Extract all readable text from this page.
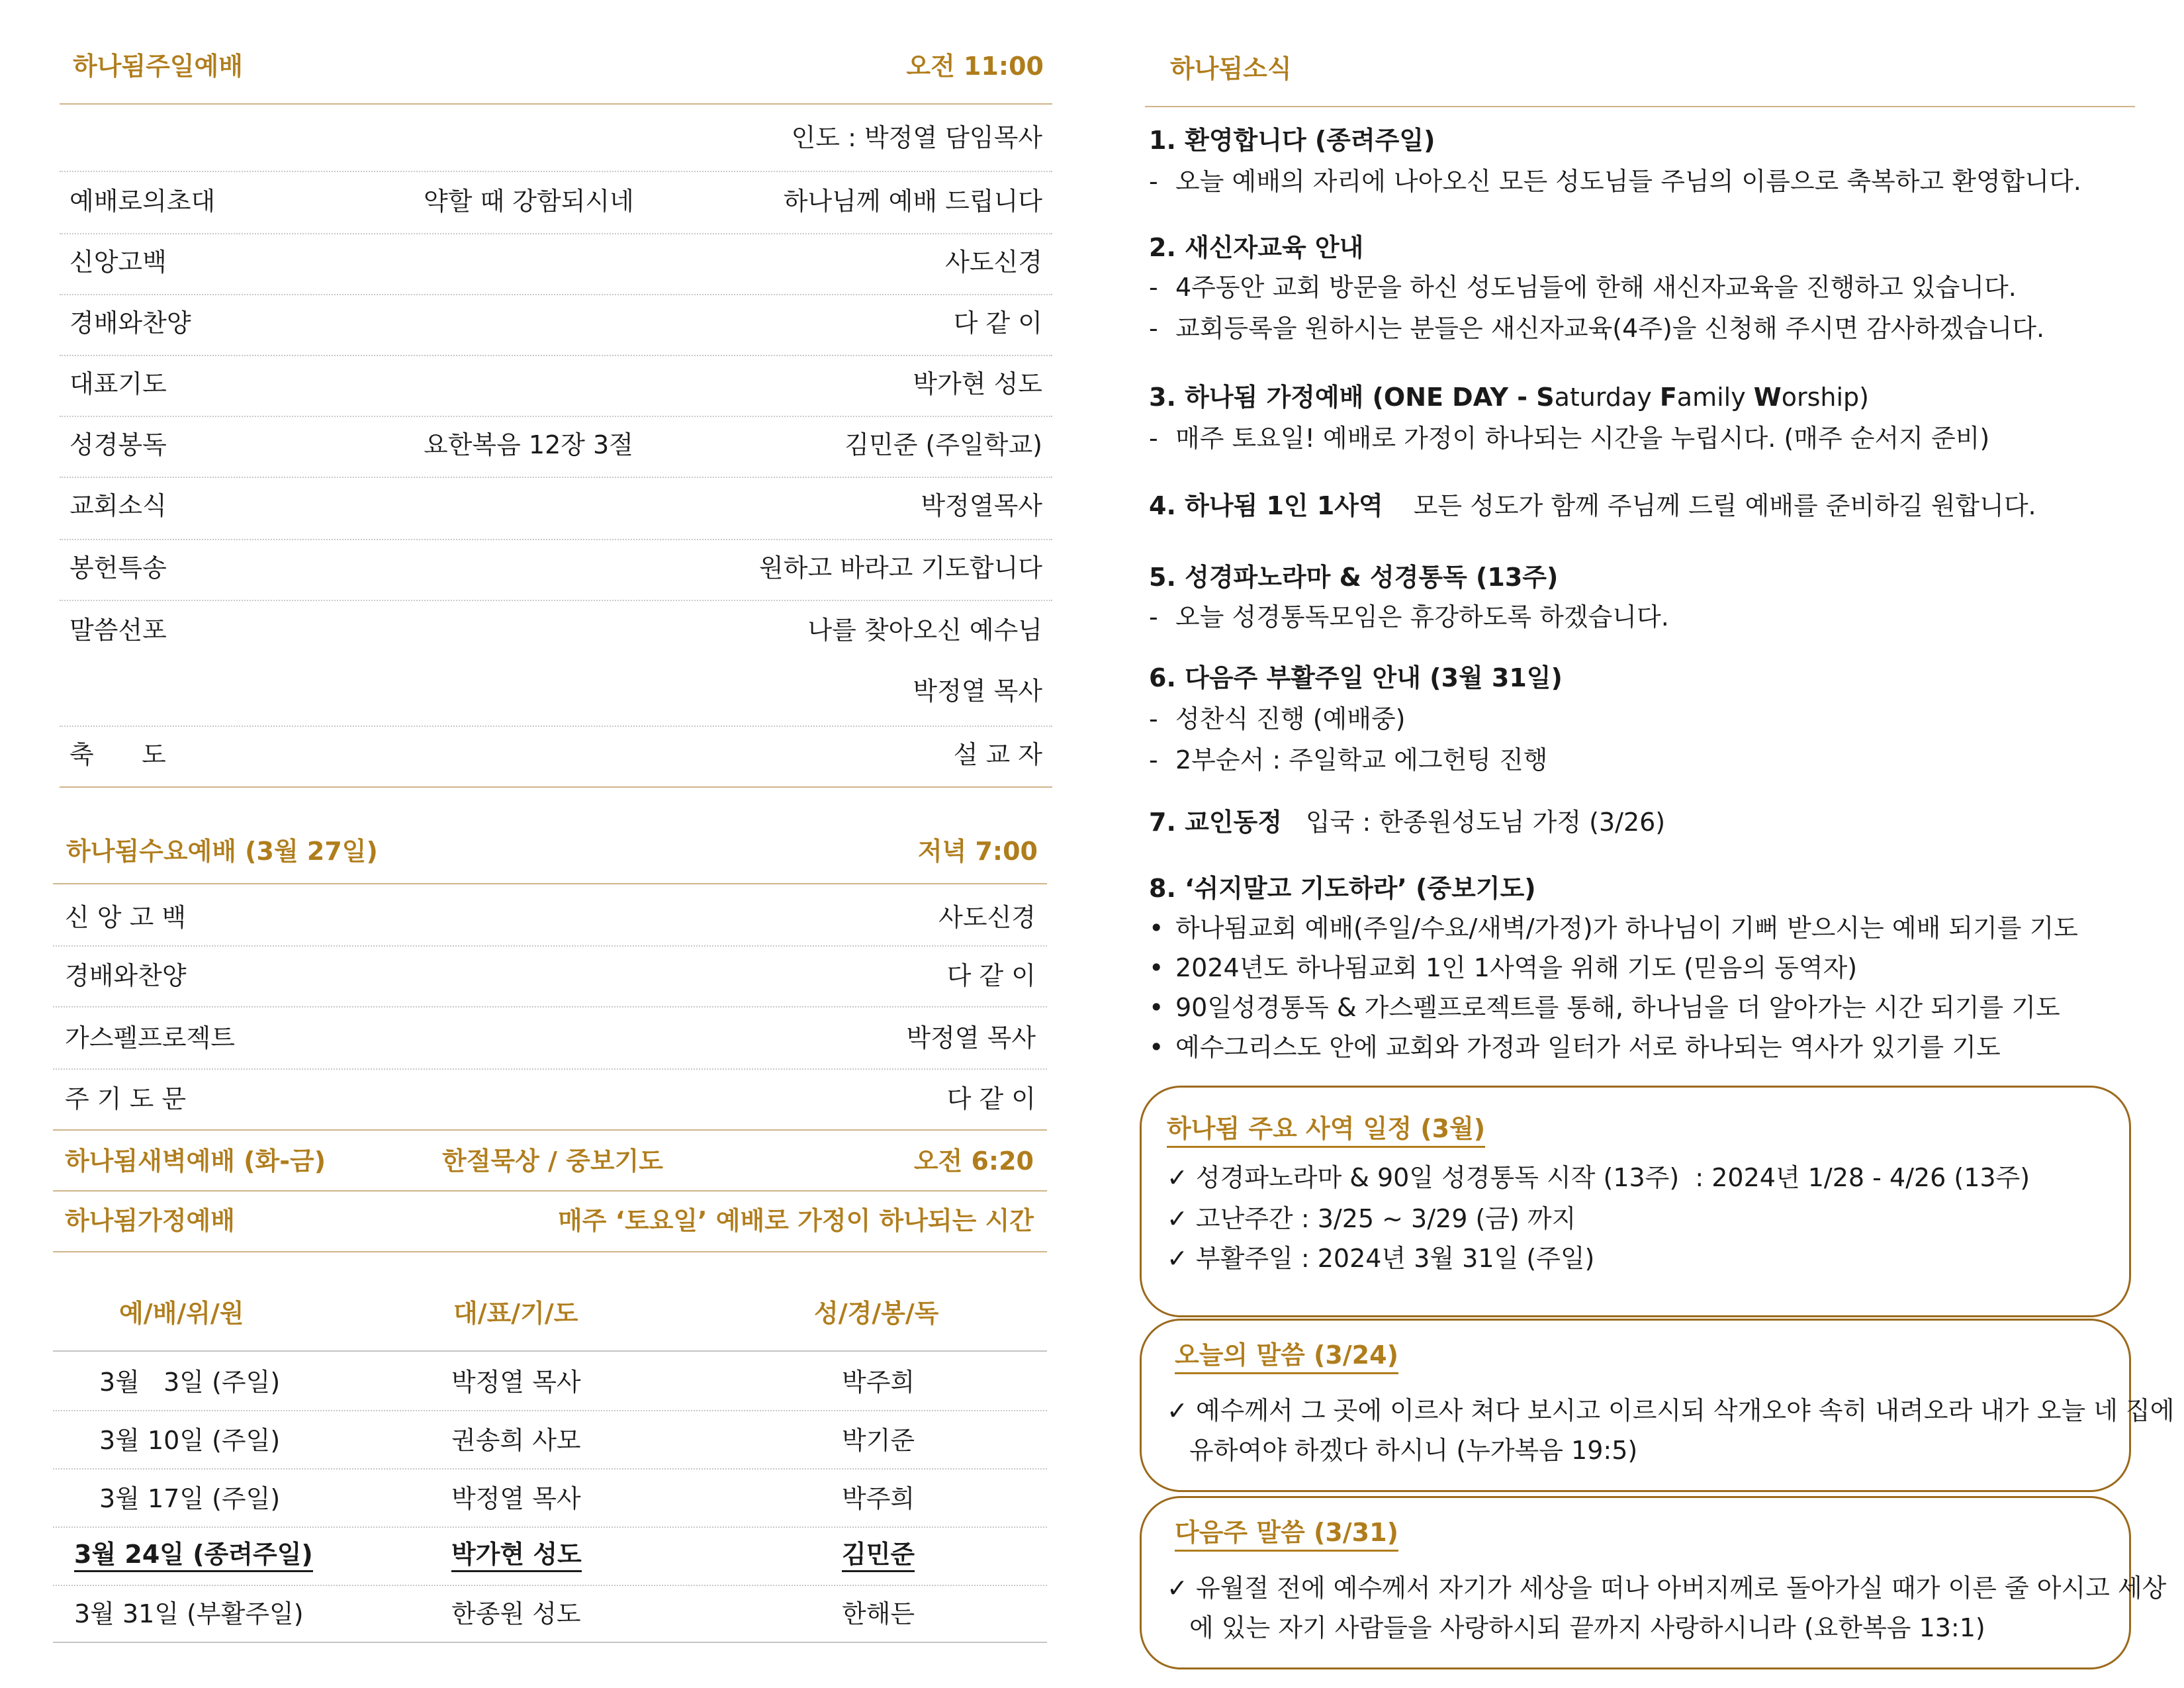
하나됨주일예배	오전 11:00
인도 : 박정열 담임목사
예배로의초대	약할 때 강함되시네	하나님께 예배 드립니다
신앙고백	사도신경
경배와찬양	다 같 이
대표기도	박가현 성도
성경봉독	요한복음 12장 3절	김민준 (주일학교)
교회소식	박정열목사
봉헌특송	원하고 바라고 기도합니다
말씀선포	나를 찾아오신 예수님
박정열 목사
축      도	설 교 자
하나됨수요예배 (3월 27일)	저녁 7:00
신 앙 고 백	사도신경
경배와찬양	다 같 이
가스펠프로젝트	박정열 목사
주 기 도 문	다 같 이
하나됨새벽예배 (화-금)	한절묵상 / 중보기도	오전 6:20
하나됨가정예배	매주 ‘토요일’ 예배로 가정이 하나되는 시간
예/배/위/원	대/표/기/도	성/경/봉/독
3월   3일 (주일)	박정열 목사	박주희
3월 10일 (주일)	권송희 사모	박기준
3월 17일 (주일)	박정열 목사	박주희
3월 24일 (종려주일)	박가현 성도	김민준
3월 31일 (부활주일)	한종원 성도	한해든
하나됨소식
1. 환영합니다 (종려주일)
- 오늘 예배의 자리에 나아오신 모든 성도님들 주님의 이름으로 축복하고 환영합니다.
2. 새신자교육 안내
- 4주동안 교회 방문을 하신 성도님들에 한해 새신자교육을 진행하고 있습니다.
- 교회등록을 원하시는 분들은 새신자교육(4주)을 신청해 주시면 감사하겠습니다.
3. 하나됨 가정예배 (ONE DAY - Saturday Family Worship)
- 매주 토요일! 예배로 가정이 하나되는 시간을 누립시다. (매주 순서지 준비)
4. 하나됨 1인 1사역 모든 성도가 함께 주님께 드릴 예배를 준비하길 원합니다.
5. 성경파노라마 & 성경통독 (13주)
- 오늘 성경통독모임은 휴강하도록 하겠습니다.
6. 다음주 부활주일 안내 (3월 31일)
- 성찬식 진행 (예배중)
- 2부순서 : 주일학교 에그헌팅 진행
7. 교인동정 입국 : 한종원성도님 가정 (3/26)
8. ‘쉬지말고 기도하라’ (중보기도)
• 하나됨교회 예배(주일/수요/새벽/가정)가 하나님이 기뻐 받으시는 예배 되기를 기도
• 2024년도 하나됨교회 1인 1사역을 위해 기도 (믿음의 동역자)
• 90일성경통독 & 가스펠프로젝트를 통해, 하나님을 더 알아가는 시간 되기를 기도
• 예수그리스도 안에 교회와 가정과 일터가 서로 하나되는 역사가 있기를 기도
하나됨 주요 사역 일정 (3월)
✓ 성경파노라마 & 90일 성경통독 시작 (13주)  : 2024년 1/28 - 4/26 (13주)
✓ 고난주간 : 3/25 ~ 3/29 (금) 까지
✓ 부활주일 : 2024년 3월 31일 (주일)
오늘의 말씀 (3/24)
✓ 예수께서 그 곳에 이르사 쳐다 보시고 이르시되 삭개오야 속히 내려오라 내가 오늘 네 집에
유하여야 하겠다 하시니 (누가복음 19:5)
다음주 말씀 (3/31)
✓ 유월절 전에 예수께서 자기가 세상을 떠나 아버지께로 돌아가실 때가 이른 줄 아시고 세상
에 있는 자기 사람들을 사랑하시되 끝까지 사랑하시니라 (요한복음 13:1)
